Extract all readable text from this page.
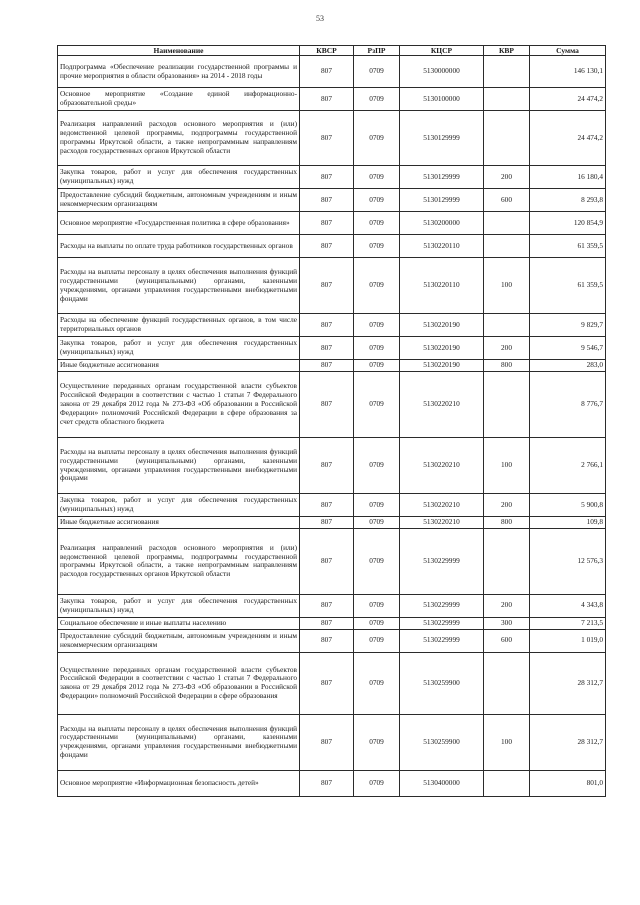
53
Наименование	КВСР	РзПР	КЦСР	КВР	Сумма
Подпрограмма «Обеспечение реализации государственной программы и прочие мероприятия в области образования» на 2014 - 2018 годы	807	0709	5130000000		146 130,1
Основное мероприятие «Создание единой информационно-образовательной среды»	807	0709	5130100000		24 474,2
Реализация направлений расходов основного мероприятия и (или) ведомственной целевой программы, подпрограммы государственной программы Иркутской области, а также непрограммным направлениям расходов государственных органов Иркутской области	807	0709	5130129999		24 474,2
Закупка товаров, работ и услуг для обеспечения государственных (муниципальных) нужд	807	0709	5130129999	200	16 180,4
Предоставление субсидий бюджетным, автономным учреждениям и иным некоммерческим организациям	807	0709	5130129999	600	8 293,8
Основное мероприятие «Государственная политика в сфере образования»	807	0709	5130200000		120 854,9
Расходы на выплаты по оплате труда работников государственных органов	807	0709	5130220110		61 359,5
Расходы на выплаты персоналу в целях обеспечения выполнения функций государственными (муниципальными) органами, казенными учреждениями, органами управления государственными внебюджетными фондами	807	0709	5130220110	100	61 359,5
Расходы на обеспечение функций государственных органов, в том числе территориальных органов	807	0709	5130220190		9 829,7
Закупка товаров, работ и услуг для обеспечения государственных (муниципальных) нужд	807	0709	5130220190	200	9 546,7
Иные бюджетные ассигнования	807	0709	5130220190	800	283,0
Осуществление переданных органам государственной власти субъектов Российской Федерации в соответствии с частью 1 статьи 7 Федерального закона от 29 декабря 2012 года № 273-ФЗ «Об образовании в Российской Федерации» полномочий Российской Федерации в сфере образования за счет средств областного бюджета	807	0709	5130220210		8 776,7
Расходы на выплаты персоналу в целях обеспечения выполнения функций государственными (муниципальными) органами, казенными учреждениями, органами управления государственными внебюджетными фондами	807	0709	5130220210	100	2 766,1
Закупка товаров, работ и услуг для обеспечения государственных (муниципальных) нужд	807	0709	5130220210	200	5 900,8
Иные бюджетные ассигнования	807	0709	5130220210	800	109,8
Реализация направлений расходов основного мероприятия и (или) ведомственной целевой программы, подпрограммы государственной программы Иркутской области, а также непрограммным направлениям расходов государственных органов Иркутской области	807	0709	5130229999		12 576,3
Закупка товаров, работ и услуг для обеспечения государственных (муниципальных) нужд	807	0709	5130229999	200	4 343,8
Социальное обеспечение и иные выплаты населению	807	0709	5130229999	300	7 213,5
Предоставление субсидий бюджетным, автономным учреждениям и иным некоммерческим организациям	807	0709	5130229999	600	1 019,0
Осуществление переданных органам государственной власти субъектов Российской Федерации в соответствии с частью 1 статьи 7 Федерального закона от 29 декабря 2012 года № 273-ФЗ «Об образовании в Российской Федерации» полномочий Российской Федерации в сфере образования	807	0709	5130259900		28 312,7
Расходы на выплаты персоналу в целях обеспечения выполнения функций государственными (муниципальными) органами, казенными учреждениями, органами управления государственными внебюджетными фондами	807	0709	5130259900	100	28 312,7
Основное мероприятие «Информационная безопасность детей»	807	0709	5130400000		801,0
